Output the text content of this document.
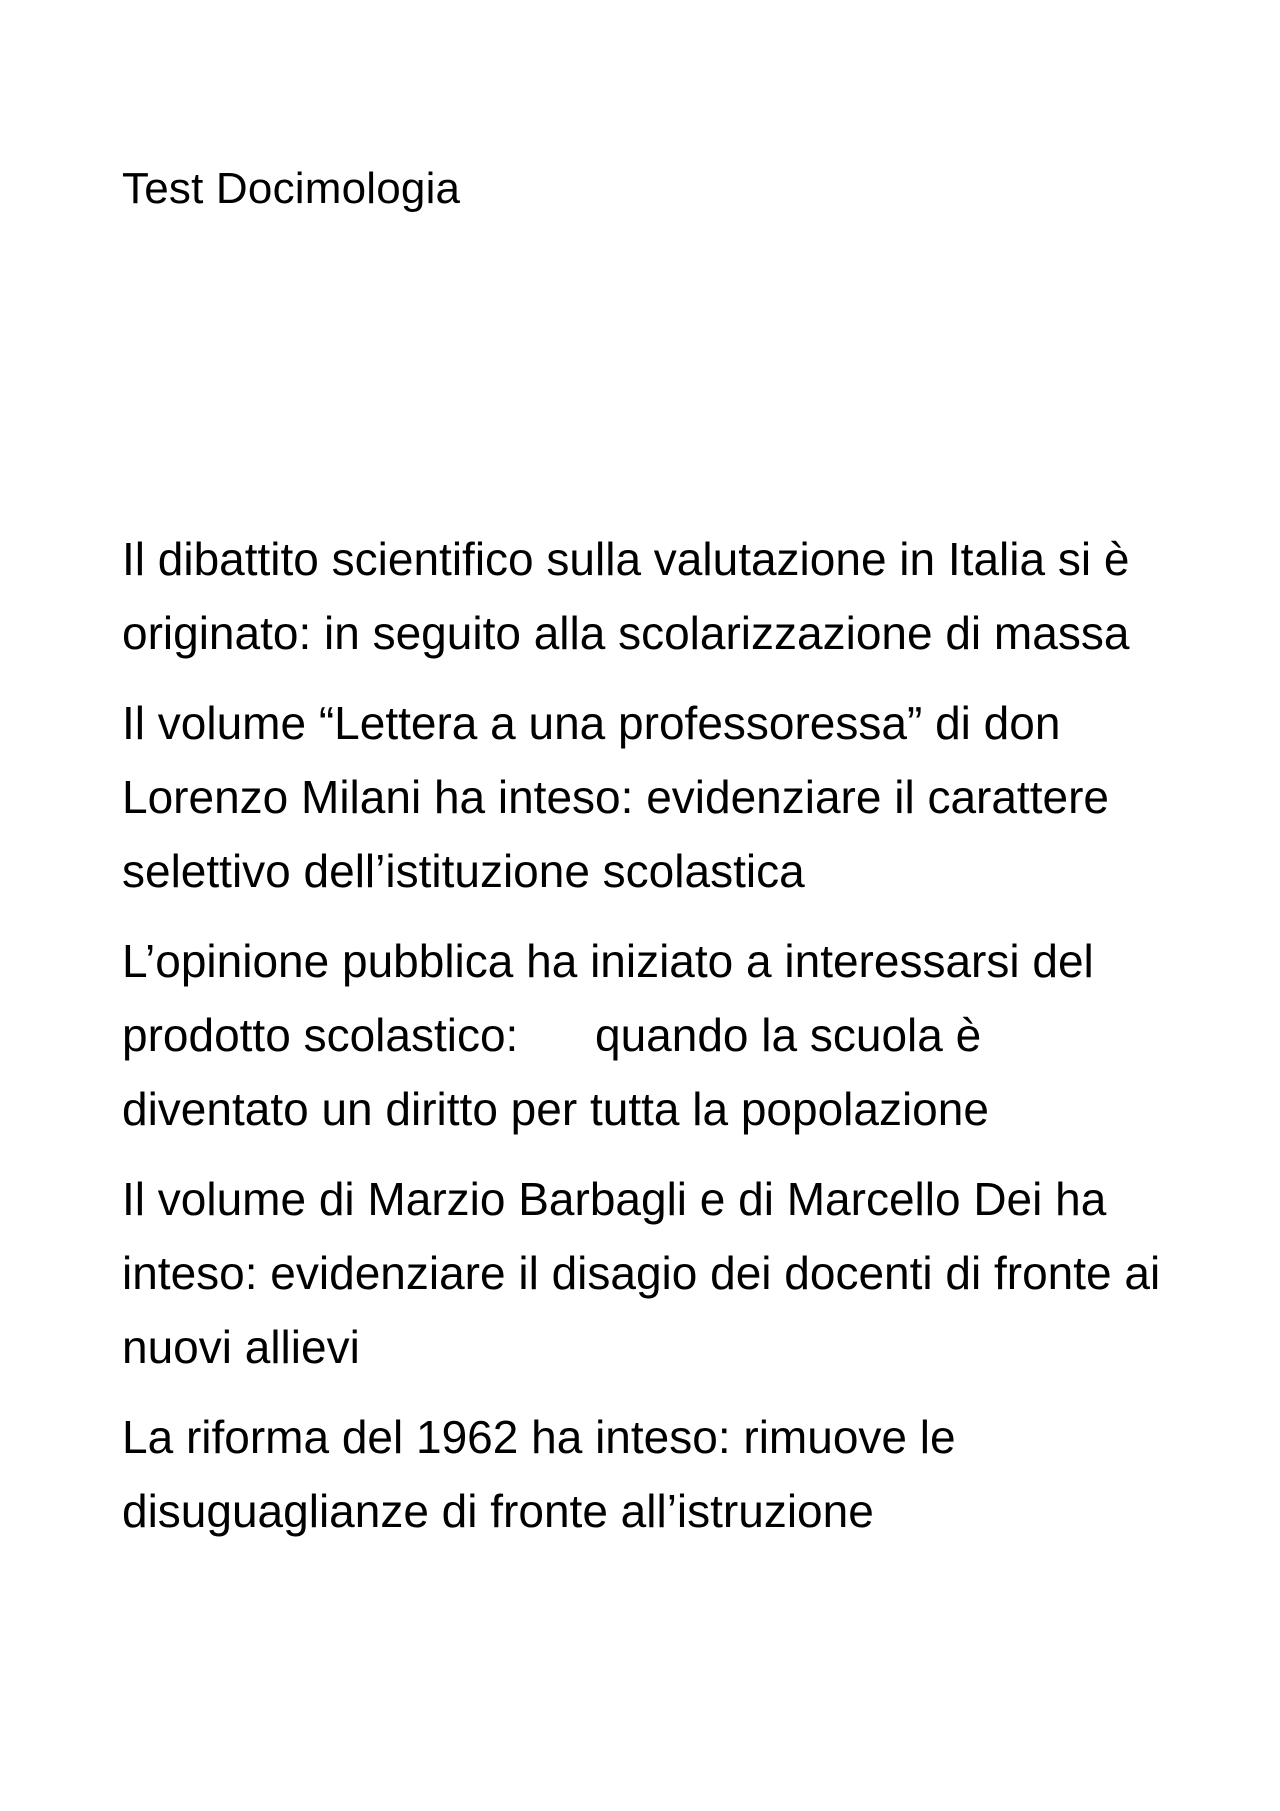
Test Docimologia
Il dibattito scientifico sulla valutazione in Italia si è originato: in seguito alla scolarizzazione di massa
Il volume “Lettera a una professoressa” di don Lorenzo Milani ha inteso: evidenziare il carattere selettivo dell’istituzione scolastica
L’opinione pubblica ha iniziato a interessarsi del prodotto scolastico:      quando la scuola è diventato un diritto per tutta la popolazione
Il volume di Marzio Barbagli e di Marcello Dei ha inteso: evidenziare il disagio dei docenti di fronte ai nuovi allievi
La riforma del 1962 ha inteso: rimuove le disuguaglianze di fronte all’istruzione
